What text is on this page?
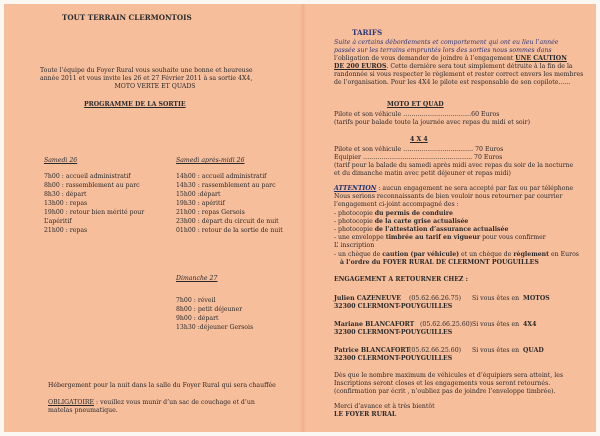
TOUT TERRAIN CLERMONTOIS
Toute l’équipe du Foyer Rural vous souhaite une bonne et heureuse
année 2011 et vous invite les 26 et 27 Février 2011 à sa sortie 4X4,
MOTO VERTE ET QUADS
PROGRAMME DE LA SORTIE
Samedi 26
7h00 : accueil administratif
8h00 : rassemblement au parc
8h30 : départ
13h00 : repas
19h00 : retour bien mérité pour
L’apéritif
21h00 : repas
Samedi après-midi 26
14h00 : accueil administratif
14h30 : rassemblement au parc
15h00 :départ
19h30 : apéritif
21h00 : repas Gersois
23h00 : départ du circuit de nuit
01h00 : retour de la sortie de nuit
Dimanche 27
7h00 : réveil
8h00 : petit déjeuner
9h00 : départ
13h30 :déjeuner Gersois
Hébergement pour la nuit dans la salle du Foyer Rural qui sera chauffée
OBLIGATOIRE : veuillez vous munir d’un sac de couchage et d’un
matelas pneumatique.
TARIFS
Suite à certains débordements et comportement qui ont eu lieu l’année
passée sur les terrains empruntés lors des sorties nous sommes dans
l’obligation de vous demander de joindre à l’engagement UNE CAUTION
DE 200 EUROS. Cette dernière sera tout simplement détruite à la fin de la
randonnée si vous respecter le règlement et rester correct envers les membres
de l’organisation. Pour les 4X4 le pilote est responsable de son copilote......
MOTO ET QUAD
Pilote et son véhicule ……………………………60 Euros
(tarifs pour balade toute la journée avec repas du midi et soir)
4 X 4
Pilote et son véhicule ……………………………. 70 Euros
Equipier …………………………………………….. 70 Euros
(tarif pour la balade du samedi après midi avec repas du soir de la nocturne
et du dimanche matin avec petit déjeuner et repas midi)
ATTENTION : aucun engagement ne sera accepté par fax ou par téléphone
Nous serions reconnaissants de bien vouloir nous retourner par courrier
l’engagement ci-joint accompagné des :
- photocopie du permis de conduire
- photocopie de la carte grise actualisée
- photocopie de l’attestation d’assurance actualisée
- une enveloppe timbrée au tarif en vigueur pour vous confirmer
L’ inscription
- un chèque de caution (par véhicule) et un chèque de règlement en Euros
à l’ordre du FOYER RURAL DE CLERMONT POUGUILLES
ENGAGEMENT A RETOURNER CHEZ :
Julien CAZENEUVE (05.62.66.26.75) Si vous êtes en MOTOS
32300 CLERMONT-POUYGUILLES
Mariane BLANCAFORT (05.62.66.25.60) Si vous êtes en 4X4
32300 CLERMONT-POUYGUILLES
Patrice BLANCAFORT
(05.62.66.25.60) Si vous êtes en QUAD
32300 CLERMONT-POUYGUILLES
Dès que le nombre maximum de véhicules et d’équipiers sera atteint, les
Inscriptions seront closes et les engagements vous seront retournés.
(confirmation par écrit , n’oubliez pas de joindre l’enveloppe timbrée).
Merci d’avance et à très bientôt
LE FOYER RURAL
